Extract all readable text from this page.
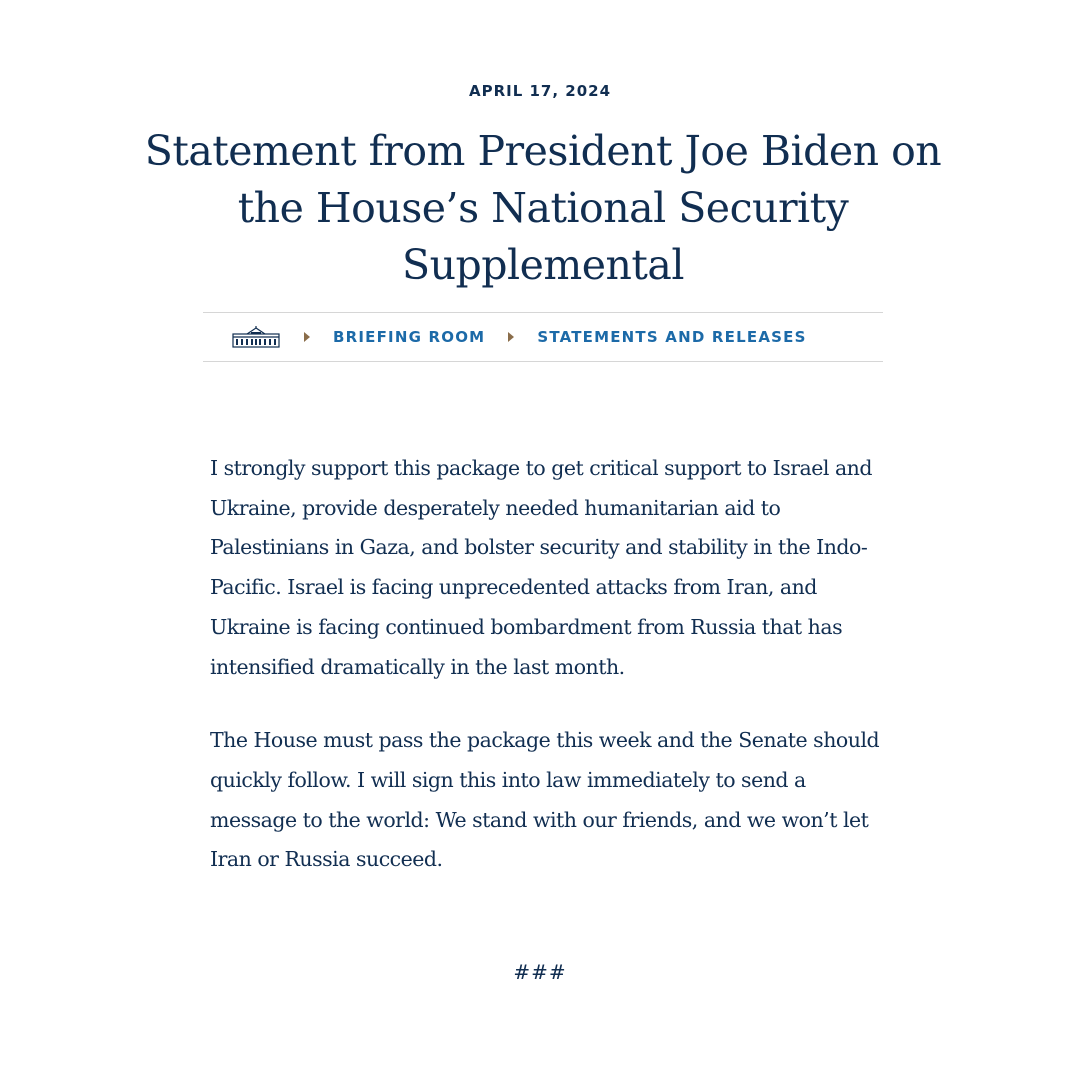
APRIL 17, 2024
Statement from President Joe Biden on the House’s National Security Supplemental
BRIEFING ROOM	STATEMENTS AND RELEASES

I strongly support this package to get critical support to Israel and Ukraine, provide desperately needed humanitarian aid to Palestinians in Gaza, and bolster security and stability in the Indo-Pacific. Israel is facing unprecedented attacks from Iran, and Ukraine is facing continued bombardment from Russia that has intensified dramatically in the last month.

The House must pass the package this week and the Senate should quickly follow. I will sign this into law immediately to send a message to the world: We stand with our friends, and we won’t let Iran or Russia succeed.

###
